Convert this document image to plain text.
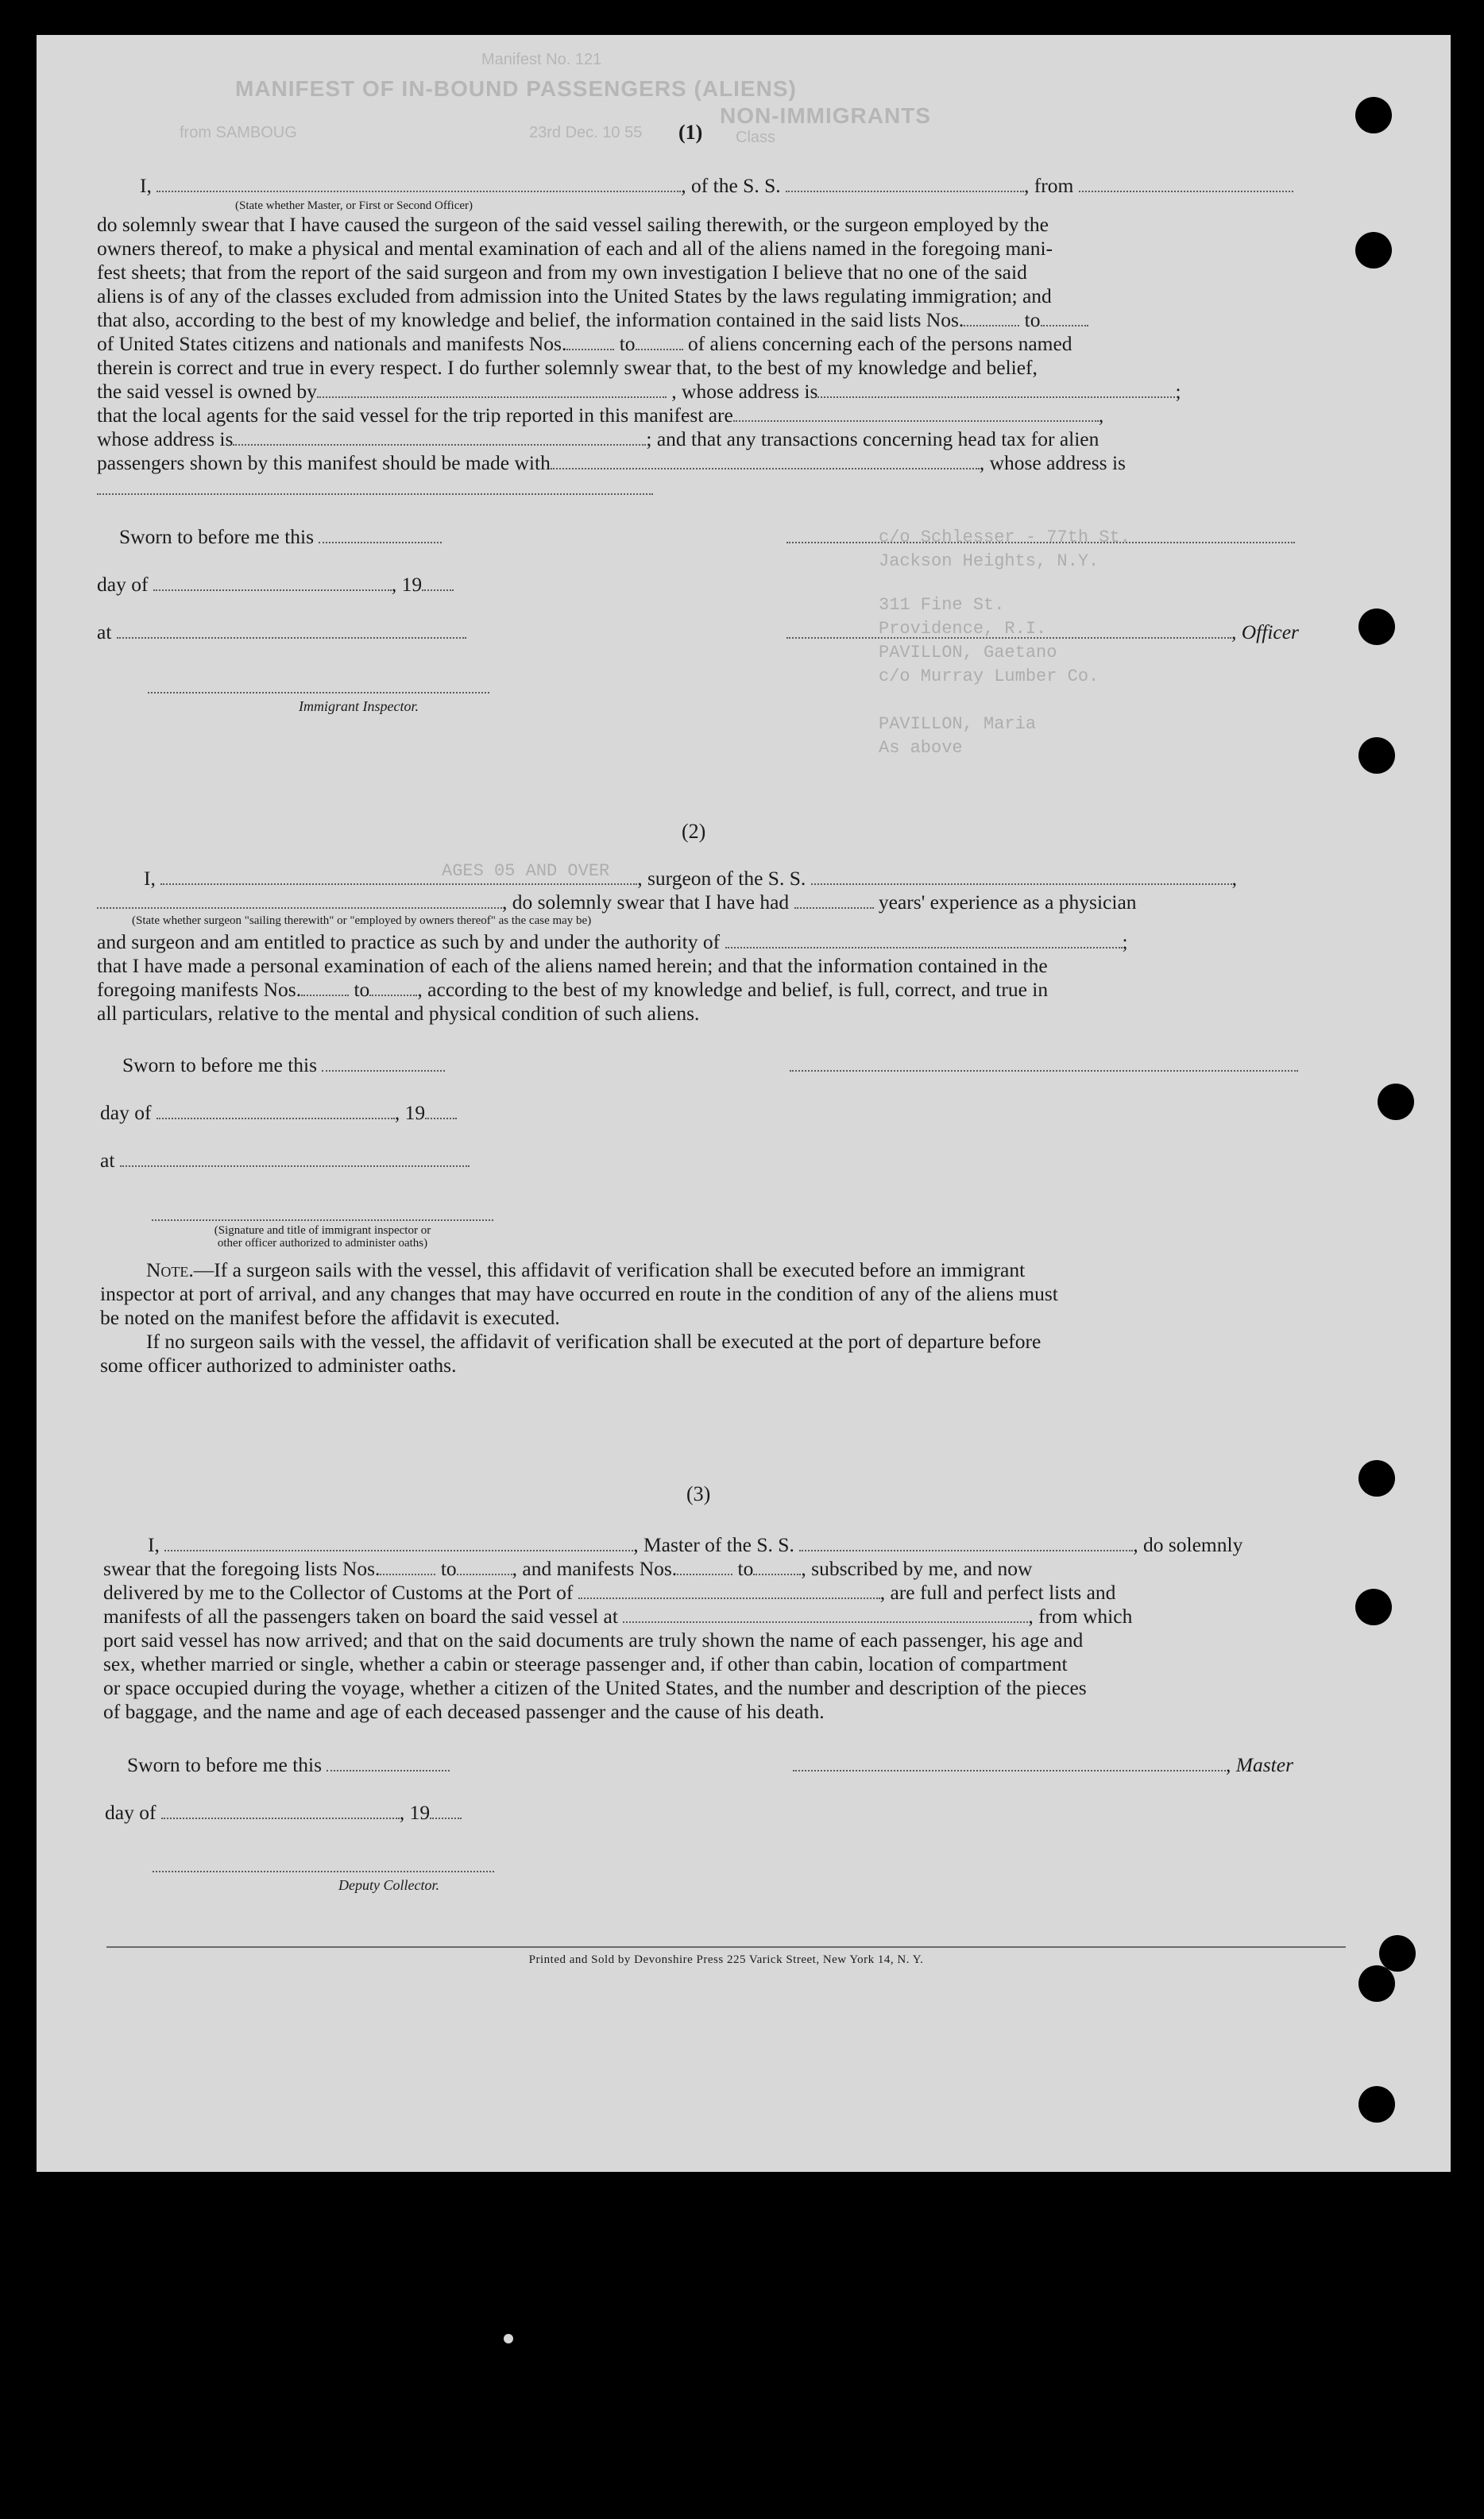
Manifest No. 121
MANIFEST OF IN-BOUND PASSENGERS (ALIENS)
NON-IMMIGRANTS
from SAMBOUG	23rd Dec. 10 55	Class
c/o Schlesser - 77th St.
Jackson Heights, N.Y.
311 Fine St.
Providence, R.I.
PAVILLON, Gaetano
c/o Murray Lumber Co.
PAVILLON, Maria
As above
AGES 05 AND OVER
(1)
I,	, of the S. S.	, from
(State whether Master, or First or Second Officer)
do solemnly swear that I have caused the surgeon of the said vessel sailing therewith, or the surgeon employed by the
owners thereof, to make a physical and mental examination of each and all of the aliens named in the foregoing mani-
fest sheets; that from the report of the said surgeon and from my own investigation I believe that no one of the said
aliens is of any of the classes excluded from admission into the United States by the laws regulating immigration; and
that also, according to the best of my knowledge and belief, the information contained in the said lists Nos.	to
of United States citizens and nationals and manifests Nos.	to	of aliens concerning each of the persons named
therein is correct and true in every respect. I do further solemnly swear that, to the best of my knowledge and belief,
the said vessel is owned by	, whose address is	;
that the local agents for the said vessel for the trip reported in this manifest are	,
whose address is	; and that any transactions concerning head tax for alien
passengers shown by this manifest should be made with	, whose address is
Sworn to before me this
day of	, 19
at	, Officer
Immigrant Inspector.
(2)
I,	, surgeon of the S. S.	,
, do solemnly swear that I have had	years' experience as a physician
(State whether surgeon "sailing therewith" or "employed by owners thereof" as the case may be)
and surgeon and am entitled to practice as such by and under the authority of	;
that I have made a personal examination of each of the aliens named herein; and that the information contained in the
foregoing manifests Nos.	to , according to the best of my knowledge and belief, is full, correct, and true in
all particulars, relative to the mental and physical condition of such aliens.
Sworn to before me this
day of	, 19
at
(Signature and title of immigrant inspector or
other officer authorized to administer oaths)
Note.—If a surgeon sails with the vessel, this affidavit of verification shall be executed before an immigrant
inspector at port of arrival, and any changes that may have occurred en route in the condition of any of the aliens must
be noted on the manifest before the affidavit is executed.
If no surgeon sails with the vessel, the affidavit of verification shall be executed at the port of departure before
some officer authorized to administer oaths.
(3)
I,	, Master of the S. S.	, do solemnly
swear that the foregoing lists Nos.	to	, and manifests Nos.	to , subscribed by me, and now
delivered by me to the Collector of Customs at the Port of	, are full and perfect lists and
manifests of all the passengers taken on board the said vessel at	, from which
port said vessel has now arrived; and that on the said documents are truly shown the name of each passenger, his age and
sex, whether married or single, whether a cabin or steerage passenger and, if other than cabin, location of compartment
or space occupied during the voyage, whether a citizen of the United States, and the number and description of the pieces
of baggage, and the name and age of each deceased passenger and the cause of his death.
Sworn to before me this	, Master
day of	, 19
Deputy Collector.
Printed and Sold by Devonshire Press 225 Varick Street, New York 14, N. Y.
